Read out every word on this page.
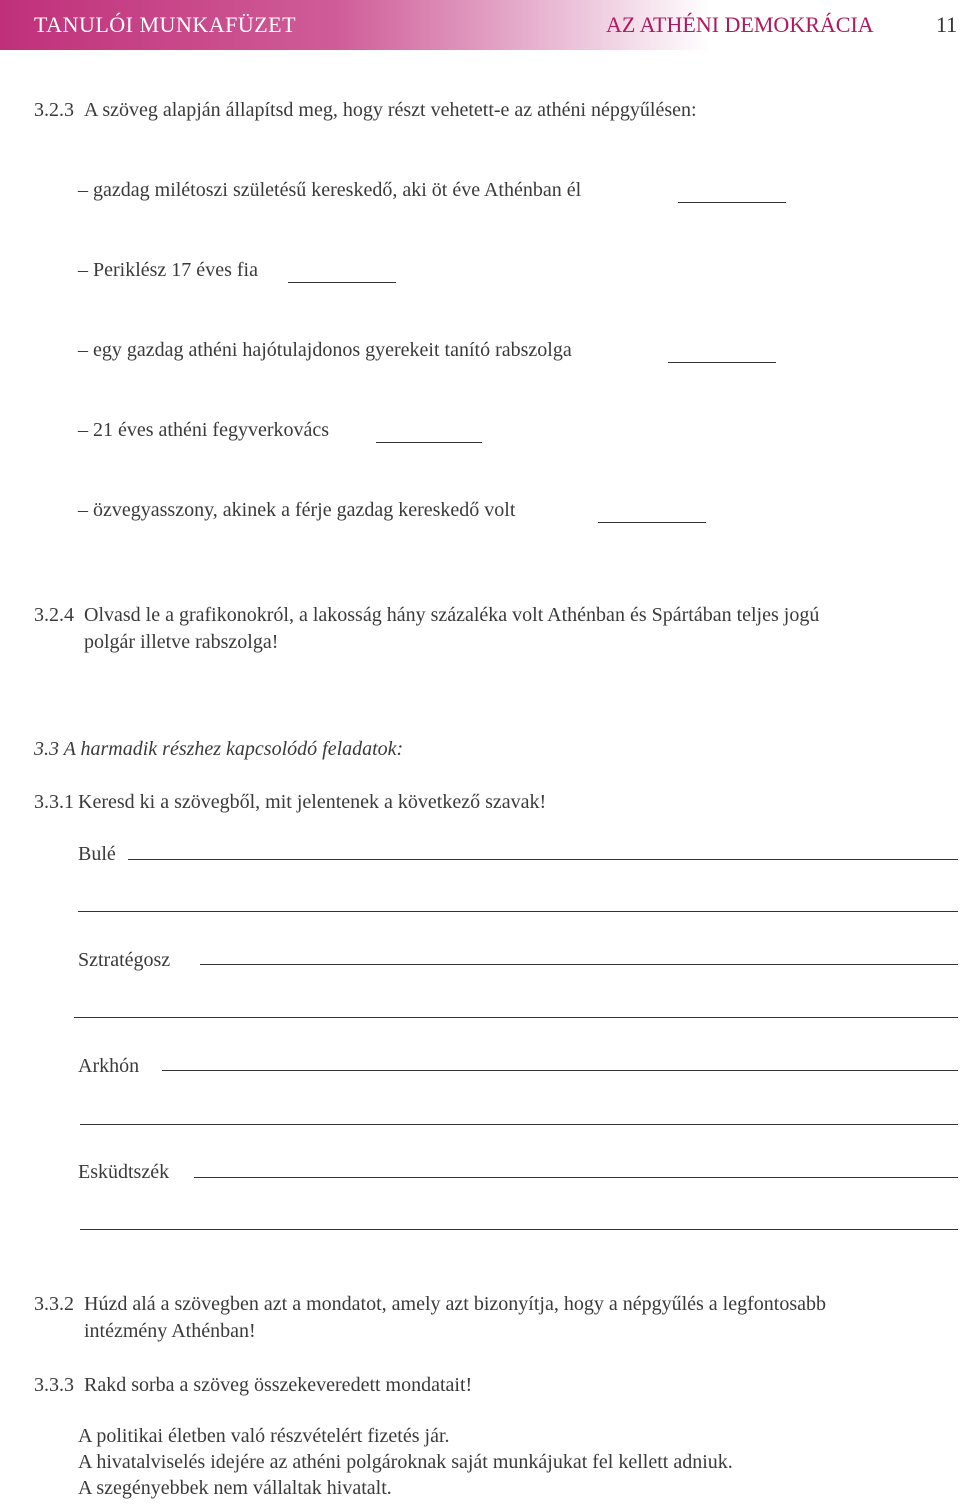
TANULÓI MUNKAFÜZET	AZ ATHÉNI DEMOKRÁCIA	11
3.2.3 A szöveg alapján állapítsd meg, hogy részt vehetett-e az athéni népgyűlésen:
– gazdag milétoszi születésű kereskedő, aki öt éve Athénban él
– Periklész 17 éves fia
– egy gazdag athéni hajótulajdonos gyerekeit tanító rabszolga
– 21 éves athéni fegyverkovács
– özvegyasszony, akinek a férje gazdag kereskedő volt
3.2.4 Olvasd le a grafikonokról, a lakosság hány százaléka volt Athénban és Spártában teljes jogú
polgár illetve rabszolga!
3.3 A harmadik részhez kapcsolódó feladatok:
3.3.1 Keresd ki a szövegből, mit jelentenek a következő szavak!
Bulé
Sztratégosz
Arkhón
Esküdtszék
3.3.2 Húzd alá a szövegben azt a mondatot, amely azt bizonyítja, hogy a népgyűlés a legfontosabb
intézmény Athénban!
3.3.3 Rakd sorba a szöveg összekeveredett mondatait!
A politikai életben való részvételért fizetés jár.
A hivatalviselés idejére az athéni polgároknak saját munkájukat fel kellett adniuk.
A szegényebbek nem vállaltak hivatalt.
